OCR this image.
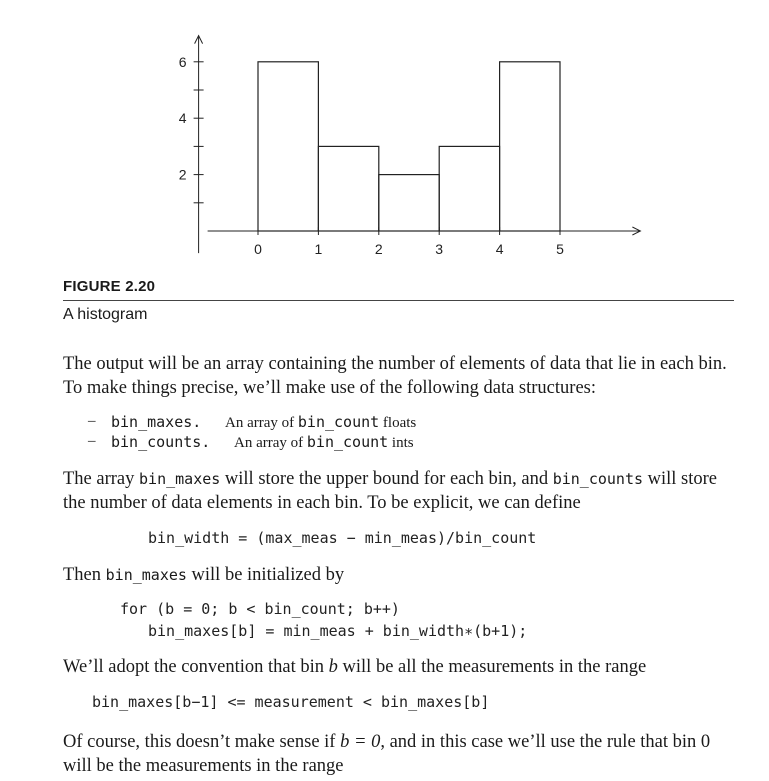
2
4
6
0	1	2	3	4	5
FIGURE 2.20
A histogram
The output will be an array containing the number of elements of data that lie in each bin. To make things precise, we’ll make use of the following data structures:
– bin_maxes. An array of bin_count floats
– bin_counts. An array of bin_count ints
The array bin_maxes will store the upper bound for each bin, and bin_counts will store the number of data elements in each bin. To be explicit, we can define
bin_width = (max_meas − min_meas)/bin_count
Then bin_maxes will be initialized by
for (b = 0; b < bin_count; b++)
bin_maxes[b] = min_meas + bin_width∗(b+1);
We’ll adopt the convention that bin b will be all the measurements in the range
bin_maxes[b−1] <= measurement < bin_maxes[b]
Of course, this doesn’t make sense if b = 0, and in this case we’ll use the rule that bin 0 will be the measurements in the range
